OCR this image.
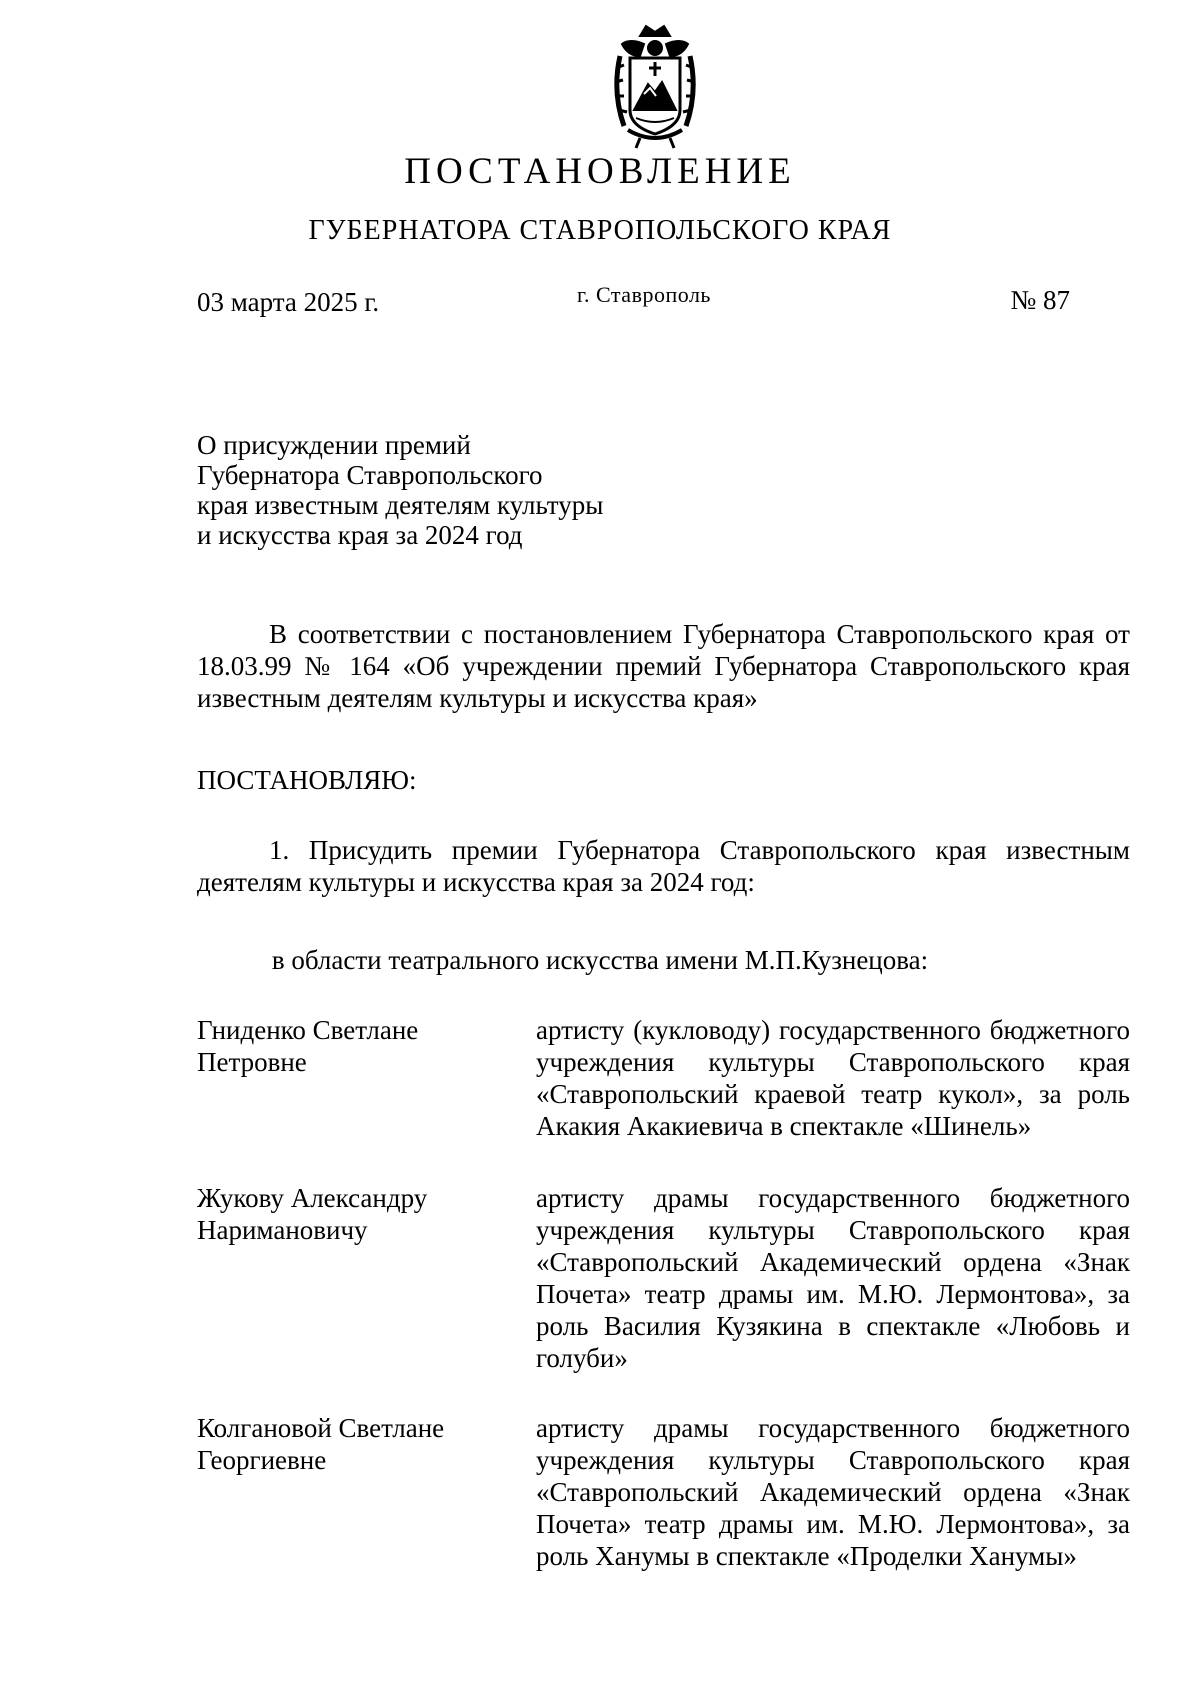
ПОСТАНОВЛЕНИЕ
ГУБЕРНАТОРА СТАВРОПОЛЬСКОГО КРАЯ
03 марта 2025 г.	г. Ставрополь	№ 87
О присуждении премий
Губернатора Ставропольского
края известным деятелям культуры
и искусства края за 2024 год
В соответствии с постановлением Губернатора Ставропольского края от 18.03.99 № 164 «Об учреждении премий Губернатора Ставропольского края известным деятелям культуры и искусства края»
ПОСТАНОВЛЯЮ:
1. Присудить премии Губернатора Ставропольского края известным деятелям культуры и искусства края за 2024 год:
в области театрального искусства имени М.П.Кузнецова:
Гниденко Светлане Петровне
артисту (кукловоду) государственного бюджетного учреждения культуры Ставропольского края «Ставропольский краевой театр кукол», за роль Акакия Акакиевича в спектакле «Шинель»
Жукову Александру Наримановичу
артисту драмы государственного бюджетного учреждения культуры Ставропольского края «Ставропольский Академический ордена «Знак Почета» театр драмы им. М.Ю. Лермонтова», за роль Василия Кузякина в спектакле «Любовь и голуби»
Колгановой Светлане Георгиевне
артисту драмы государственного бюджетного учреждения культуры Ставропольского края «Ставропольский Академический ордена «Знак Почета» театр драмы им. М.Ю. Лермонтова», за роль Ханумы в спектакле «Проделки Ханумы»
